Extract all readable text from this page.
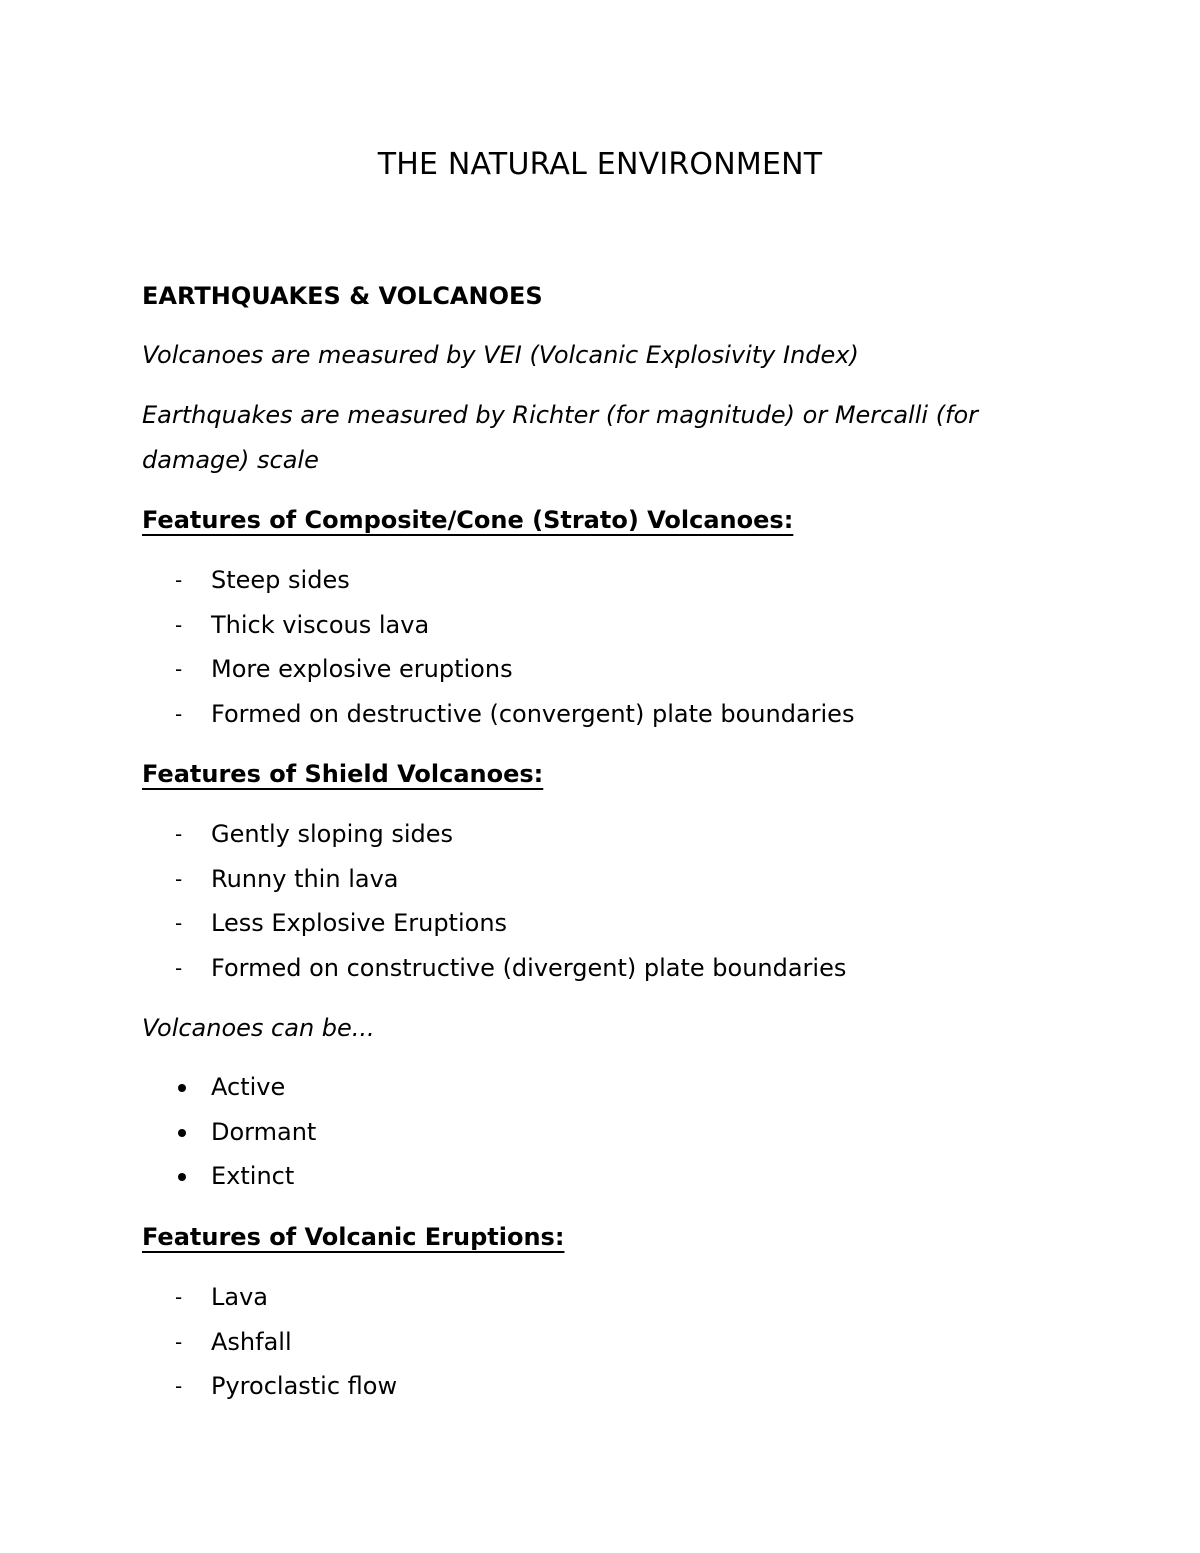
THE NATURAL ENVIRONMENT
EARTHQUAKES & VOLCANOES

Volcanoes are measured by VEI (Volcanic Explosivity Index)

Earthquakes are measured by Richter (for magnitude) or Mercalli (for damage) scale

Features of Composite/Cone (Strato) Volcanoes:
-	Steep sides
-	Thick viscous lava
-	More explosive eruptions
-	Formed on destructive (convergent) plate boundaries
Features of Shield Volcanoes:
-	Gently sloping sides
-	Runny thin lava
-	Less Explosive Eruptions
-	Formed on constructive (divergent) plate boundaries

Volcanoes can be...

Active
Dormant
Extinct
Features of Volcanic Eruptions:
-	Lava
-	Ashfall
-	Pyroclastic flow
